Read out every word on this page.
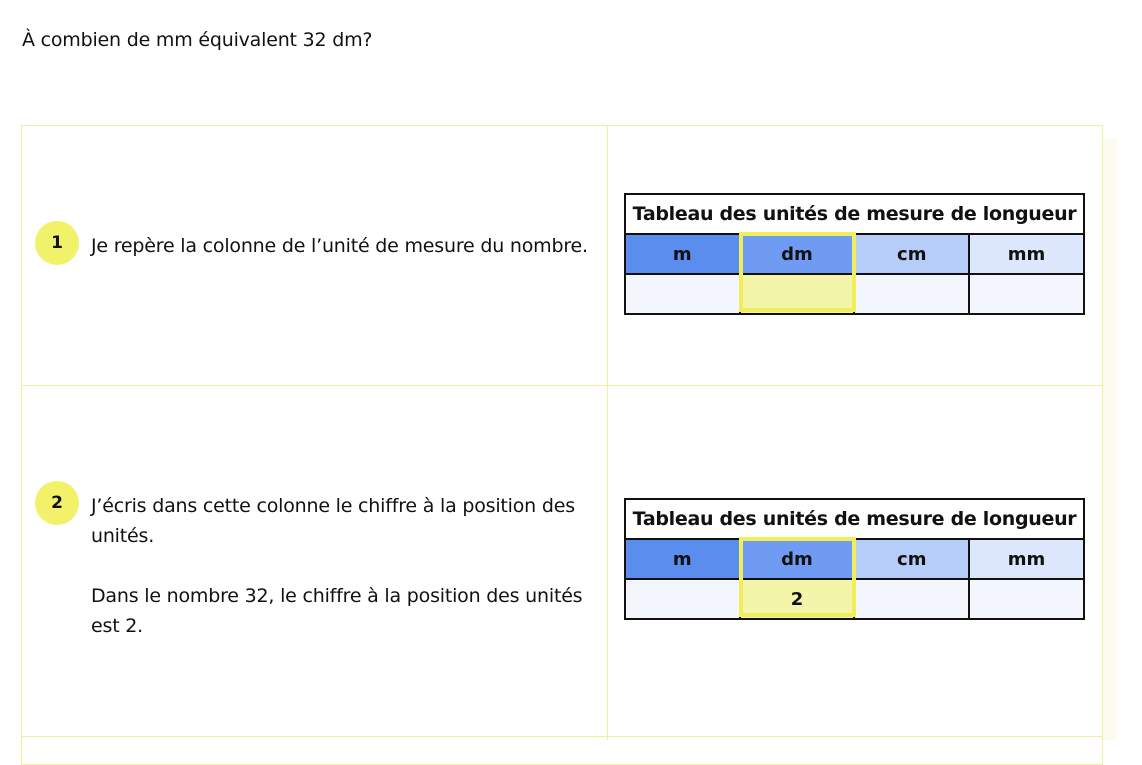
À combien de mm équivalent 32 dm?
1	Je repère la colonne de l’unité de mesure du nombre.

Tableau des unités de mesure de longueur			
m	dm	cm	mm

2	J’écris dans cette colonne le chiffre à la position des unités.

Dans le nombre 32, le chiffre à la position des unités est 2.

Tableau des unités de mesure de longueur			
m	dm	cm	mm
	2		
